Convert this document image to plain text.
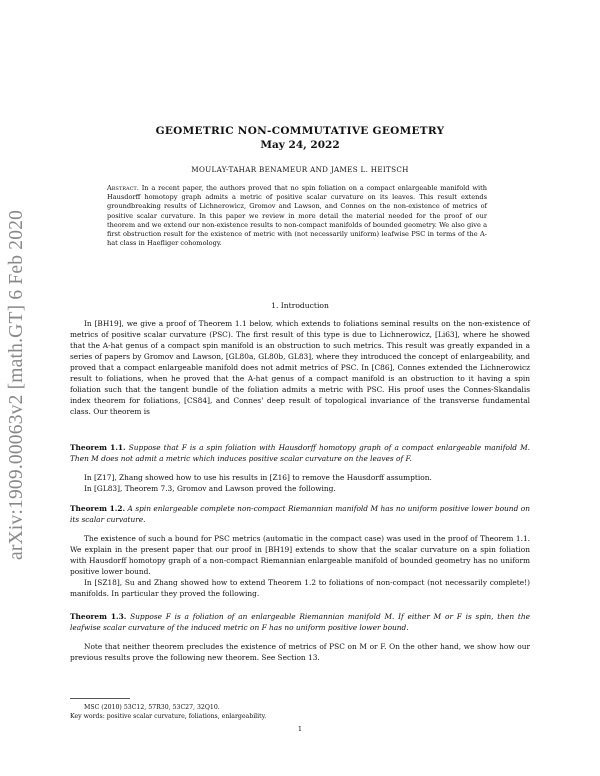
arXiv:1909.00063v2 [math.GT] 6 Feb 2020
GEOMETRIC NON-COMMUTATIVE GEOMETRY
May 24, 2022
MOULAY-TAHAR BENAMEUR AND JAMES L. HEITSCH
Abstract. In a recent paper, the authors proved that no spin foliation on a compact enlargeable manifold with Hausdorff homotopy graph admits a metric of positive scalar curvature on its leaves. This result extends groundbreaking results of Lichnerowicz, Gromov and Lawson, and Connes on the non-existence of metrics of positive scalar curvature. In this paper we review in more detail the material needed for the proof of our theorem and we extend our non-existence results to non-compact manifolds of bounded geometry. We also give a first obstruction result for the existence of metric with (not necessarily uniform) leafwise PSC in terms of the A-hat class in Haefliger cohomology.
1. Introduction

In [BH19], we give a proof of Theorem 1.1 below, which extends to foliations seminal results on the non-existence of metrics of positive scalar curvature (PSC). The first result of this type is due to Lichnerowicz, [Li63], where he showed that the A-hat genus of a compact spin manifold is an obstruction to such metrics. This result was greatly expanded in a series of papers by Gromov and Lawson, [GL80a, GL80b, GL83], where they introduced the concept of enlargeability, and proved that a compact enlargeable manifold does not admit metrics of PSC. In [C86], Connes extended the Lichnerowicz result to foliations, when he proved that the A-hat genus of a compact manifold is an obstruction to it having a spin foliation such that the tangent bundle of the foliation admits a metric with PSC. His proof uses the Connes-Skandalis index theorem for foliations, [CS84], and Connes' deep result of topological invariance of the transverse fundamental class. Our theorem is

Theorem 1.1. Suppose that F is a spin foliation with Hausdorff homotopy graph of a compact enlargeable manifold M. Then M does not admit a metric which induces positive scalar curvature on the leaves of F.

In [Z17], Zhang showed how to use his results in [Z16] to remove the Hausdorff assumption.

In [GL83], Theorem 7.3, Gromov and Lawson proved the following.

Theorem 1.2. A spin enlargeable complete non-compact Riemannian manifold M has no uniform positive lower bound on its scalar curvature.

The existence of such a bound for PSC metrics (automatic in the compact case) was used in the proof of Theorem 1.1. We explain in the present paper that our proof in [BH19] extends to show that the scalar curvature on a spin foliation with Hausdorff homotopy graph of a non-compact Riemannian enlargeable manifold of bounded geometry has no uniform positive lower bound.

In [SZ18], Su and Zhang showed how to extend Theorem 1.2 to foliations of non-compact (not necessarily complete!) manifolds. In particular they proved the following.

Theorem 1.3. Suppose F is a foliation of an enlargeable Riemannian manifold M. If either M or F is spin, then the leafwise scalar curvature of the induced metric on F has no uniform positive lower bound.

Note that neither theorem precludes the existence of metrics of PSC on M or F. On the other hand, we show how our previous results prove the following new theorem. See Section 13.

MSC (2010) 53C12, 57R30, 53C27, 32Q10.

Key words: positive scalar curvature, foliations, enlargeability.

1
